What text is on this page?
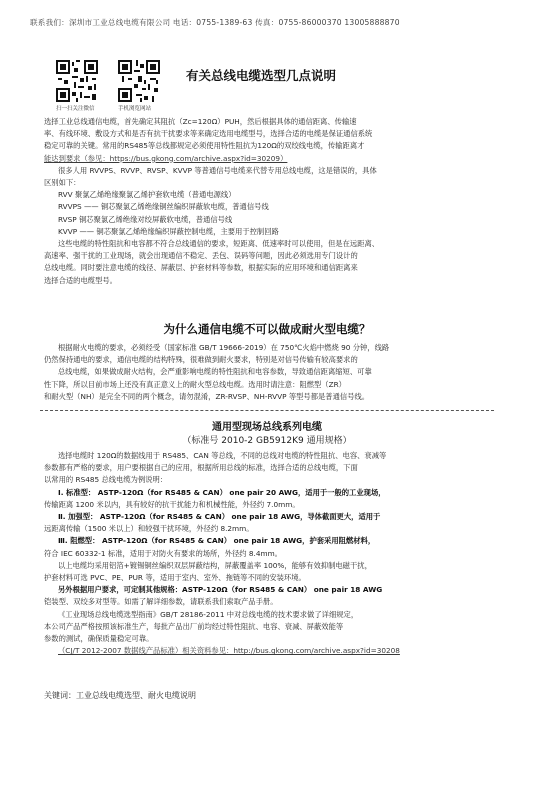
联系我们：深圳市工业总线电缆有限公司 电话：0755-1389-63 传真：0755-86000370 13005888870
扫一扫关注微信	手机浏览网站
有关总线电缆选型几点说明

选择工业总线通信电缆，首先确定其阻抗（Zc=120Ω）PUH，然后根据具体的通信距离、传输速

率、有线环境、敷设方式和是否有抗干扰要求等来确定选用电缆型号，选择合适的电缆是保证通信系统

稳定可靠的关键。常用的RS485等总线都规定必须使用特性阻抗为120Ω的双绞线电缆，传输距离才

能达到要求（参见：https://bus.gkong.com/archive.aspx?id=30209）

很多人用 RVVPS、RVVP、RVSP、KVVP 等普通信号电缆来代替专用总线电缆，这是错误的，具体

区别如下：

RVV 聚氯乙烯绝缘聚氯乙烯护套软电缆（普通电源线）

RVVPS —— 铜芯聚氯乙烯绝缘铜丝编织屏蔽软电缆，普通信号线

RVSP 铜芯聚氯乙烯绝缘对绞屏蔽软电缆，普通信号线

KVVP —— 铜芯聚氯乙烯绝缘编织屏蔽控制电缆，主要用于控制回路

这些电缆的特性阻抗和电容都不符合总线通信的要求，短距离、低速率时可以使用，但是在远距离、

高速率、强干扰的工业现场，就会出现通信不稳定、丢包、误码等问题，因此必须选用专门设计的

总线电缆。同时要注意电缆的线径、屏蔽层、护套材料等参数，根据实际的应用环境和通信距离来

选择合适的电缆型号。

为什么通信电缆不可以做成耐火型电缆？

根据耐火电缆的要求，必须经受（国家标准 GB/T 19666-2019）在 750℃火焰中燃烧 90 分钟，线路

仍然保持通电的要求，通信电缆的结构特殊，很难做到耐火要求，特别是对信号传输有较高要求的

总线电缆，如果做成耐火结构，会严重影响电缆的特性阻抗和电容参数，导致通信距离缩短、可靠

性下降，所以目前市场上还没有真正意义上的耐火型总线电缆。选用时请注意：阻燃型（ZR）

和耐火型（NH）是完全不同的两个概念，请勿混淆，ZR-RVSP、NH-RVVP 等型号都是普通信号线。

通用型现场总线系列电缆
（标准号 2010-2 GB5912K9 通用规格）

选择电缆时 120Ω的数据线用于 RS485、CAN 等总线，不同的总线对电缆的特性阻抗、电容、衰减等

参数都有严格的要求，用户要根据自己的应用，根据所用总线的标准，选择合适的总线电缆，下面

以常用的 RS485 总线电缆为例说明：

Ⅰ. 标准型： ASTP-120Ω（for RS485 & CAN） one pair 20 AWG，适用于一般的工业现场，

传输距离 1200 米以内，具有较好的抗干扰能力和机械性能，外径约 7.0mm。

Ⅱ. 加强型： ASTP-120Ω（for RS485 & CAN） one pair 18 AWG，导体截面更大，适用于

远距离传输（1500 米以上）和较强干扰环境，外径约 8.2mm。

Ⅲ. 阻燃型： ASTP-120Ω（for RS485 & CAN） one pair 18 AWG，护套采用阻燃材料，

符合 IEC 60332-1 标准，适用于对防火有要求的场所，外径约 8.4mm。

以上电缆均采用铝箔+镀锡铜丝编织双层屏蔽结构，屏蔽覆盖率 100%，能够有效抑制电磁干扰，

护套材料可选 PVC、PE、PUR 等，适用于室内、室外、拖链等不同的安装环境。

另外根据用户要求，可定制其他规格：ASTP-120Ω（for RS485 & CAN） one pair 18 AWG

铠装型、双绞多对型等。如需了解详细参数，请联系我们索取产品手册。

《工业现场总线电缆选型指南》GB/T 28186-2011 中对总线电缆的技术要求做了详细规定，

本公司产品严格按照该标准生产，每批产品出厂前均经过特性阻抗、电容、衰减、屏蔽效能等

参数的测试，确保质量稳定可靠。

（CJ/T 2012-2007 数据线产品标准）相关资料参见：http://bus.gkong.com/archive.aspx?id=30208

关键词：工业总线电缆选型、耐火电缆说明
